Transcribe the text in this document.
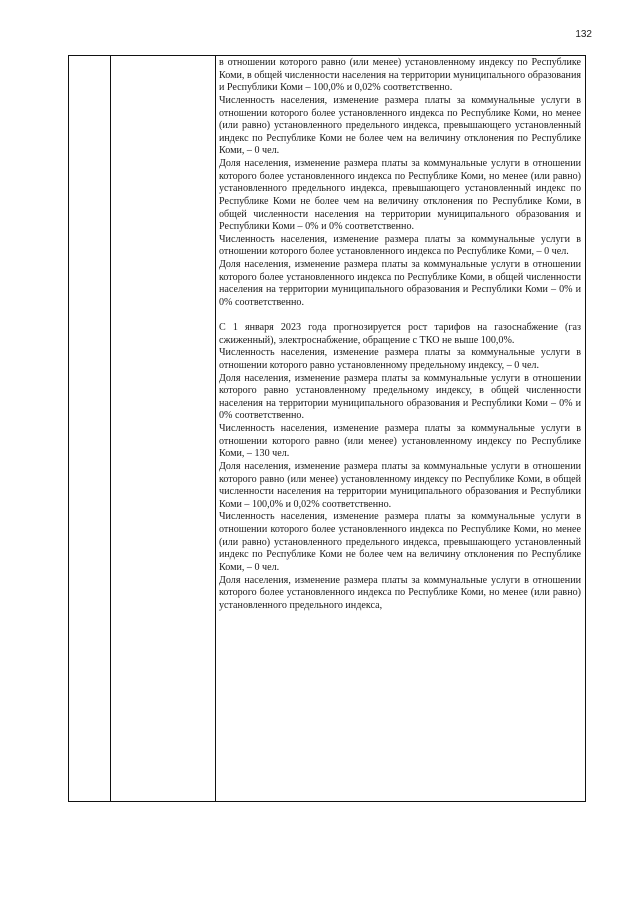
132

в отношении которого равно (или менее) установленному индексу по Республике Коми, в общей численности населения на территории муниципального образования и Республики Коми – 100,0% и 0,02% соответственно.

Численность населения, изменение размера платы за коммунальные услуги в отношении которого более установленного индекса по Республике Коми, но менее (или равно) установленного предельного индекса, превышающего установленный индекс по Республике Коми не более чем на величину отклонения по Республике Коми, – 0 чел.

Доля населения, изменение размера платы за коммунальные услуги в отношении которого более установленного индекса по Республике Коми, но менее (или равно) установленного предельного индекса, превышающего установленный индекс по Республике Коми не более чем на величину отклонения по Республике Коми, в общей численности населения на территории муниципального образования и Республики Коми – 0% и 0% соответственно.

Численность населения, изменение размера платы за коммунальные услуги в отношении которого более установленного индекса по Республике Коми, – 0 чел.

Доля населения, изменение размера платы за коммунальные услуги в отношении которого более установленного индекса по Республике Коми, в общей численности населения на территории муниципального образования и Республики Коми – 0% и 0% соответственно.

С 1 января 2023 года прогнозируется рост тарифов на газоснабжение (газ сжиженный), электроснабжение, обращение с ТКО не выше 100,0%.

Численность населения, изменение размера платы за коммунальные услуги в отношении которого равно установленному предельному индексу, – 0 чел.

Доля населения, изменение размера платы за коммунальные услуги в отношении которого равно установленному предельному индексу, в общей численности населения на территории муниципального образования и Республики Коми – 0% и 0% соответственно.

Численность населения, изменение размера платы за коммунальные услуги в отношении которого равно (или менее) установленному индексу по Республике Коми, – 130 чел.

Доля населения, изменение размера платы за коммунальные услуги в отношении которого равно (или менее) установленному индексу по Республике Коми, в общей численности населения на территории муниципального образования и Республики Коми – 100,0% и 0,02% соответственно.

Численность населения, изменение размера платы за коммунальные услуги в отношении которого более установленного индекса по Республике Коми, но менее (или равно) установленного предельного индекса, превышающего установленный индекс по Республике Коми не более чем на величину отклонения по Республике Коми, – 0 чел.

Доля населения, изменение размера платы за коммунальные услуги в отношении которого более установленного индекса по Республике Коми, но менее (или равно) установленного предельного индекса,
